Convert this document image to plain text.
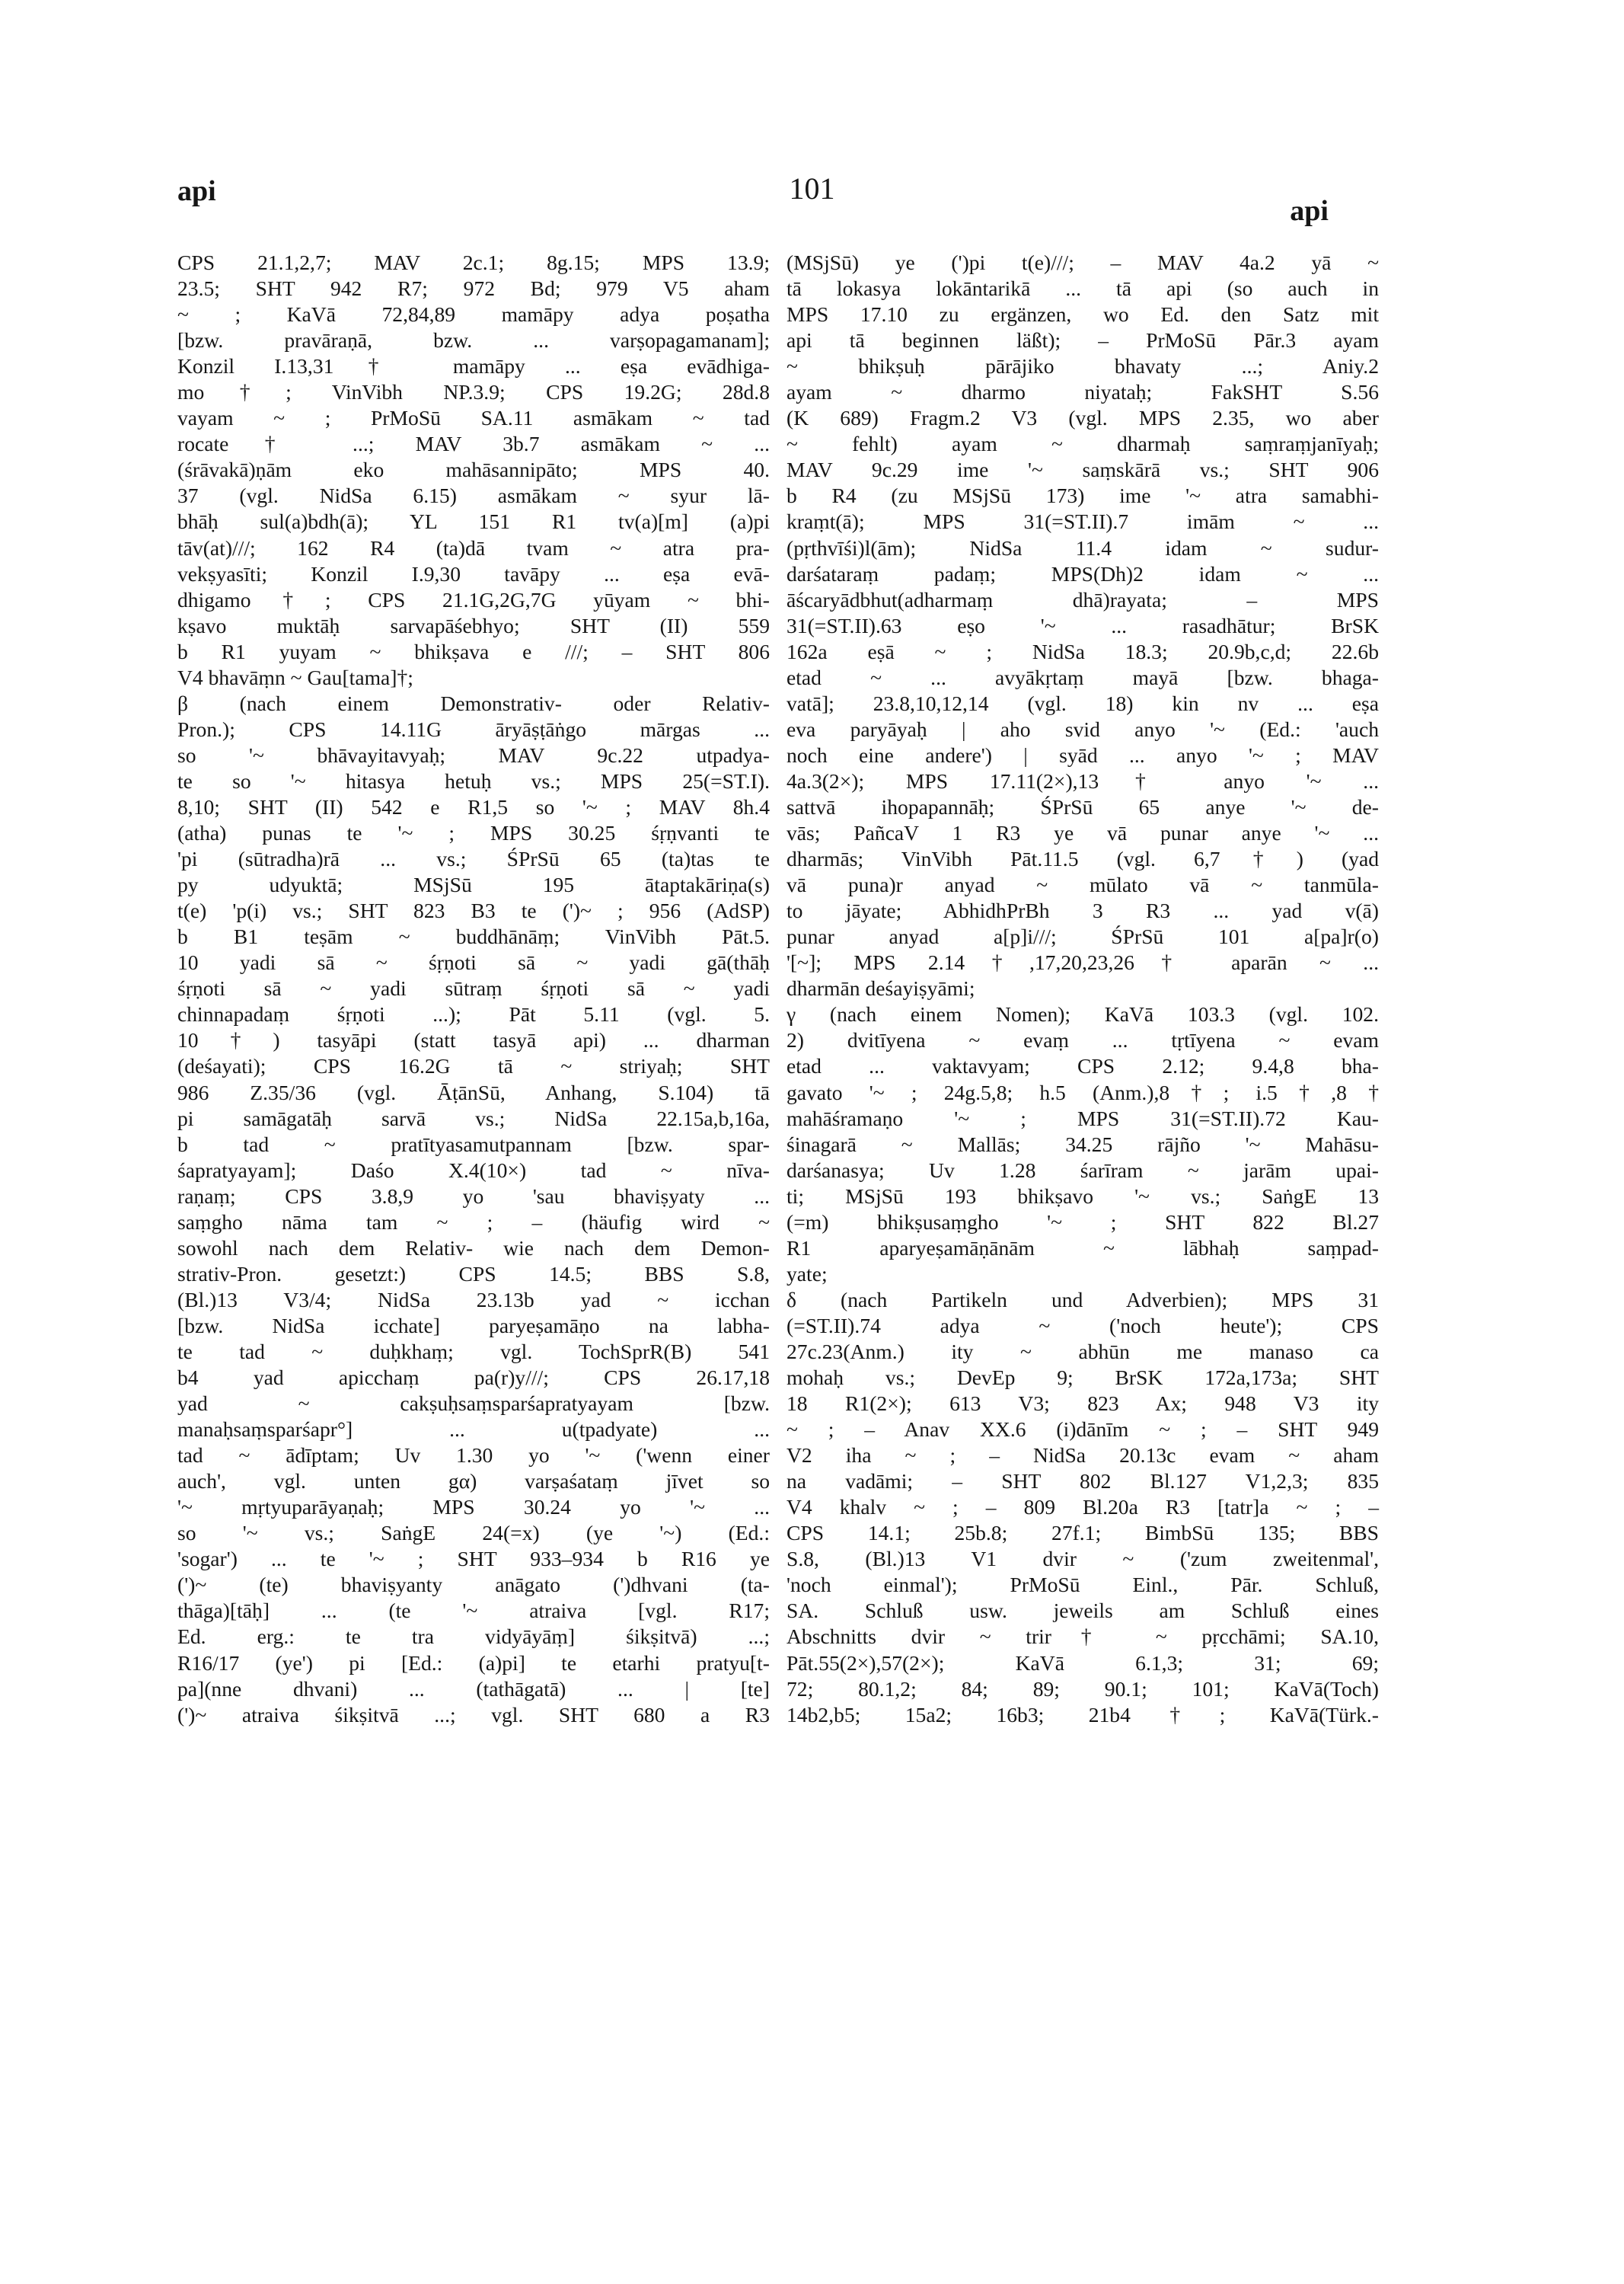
api	101
api

CPS 21.1,2,7; MAV 2c.1; 8g.15; MPS 13.9;

23.5; SHT 942 R7; 972 Bd; 979 V5 aham

~ ; KaVā 72,84,89 mamāpy adya poṣatha

[bzw. pravāraṇā, bzw. ... varṣopagamanam];

Konzil I.13,31† mamāpy ... eṣa evādhiga-

mo†; VinVibh NP.3.9; CPS 19.2G; 28d.8

vayam ~ ; PrMoSū SA.11 asmākam ~ tad

rocate† ...; MAV 3b.7 asmākam ~ ...

(śrāvakā)ṇām eko mahāsannipāto; MPS 40.

37 (vgl. NidSa 6.15) asmākam ~ syur lā-

bhāḥ sul(a)bdh(ā); YL 151 R1 tv(a)[m] (a)pi

tāv(at)///; 162 R4 (ta)dā tvam ~ atra pra-

vekṣyasīti; Konzil I.9,30 tavāpy ... eṣa evā-

dhigamo†; CPS 21.1G,2G,7G yūyam ~ bhi-

kṣavo muktāḥ sarvapāśebhyo; SHT (II) 559

b R1 yuyam ~ bhikṣava e ///; – SHT 806

V4 bhavāṃn ~ Gau[tama]†;

β (nach einem Demonstrativ- oder Relativ-

Pron.); CPS 14.11G āryāṣṭāṅgo mārgas ...

so '~ bhāvayitavyaḥ; MAV 9c.22 utpadya-

te so '~ hitasya hetuḥ vs.; MPS 25(=ST.I).

8,10; SHT (II) 542 e R1,5 so '~ ; MAV 8h.4

(atha) punas te '~ ; MPS 30.25 śṛṇvanti te

'pi (sūtradha)rā ... vs.; ŚPrSū 65 (ta)tas te

py udyuktā; MSjSū 195 ātaptakāriṇa(s)

t(e) 'p(i) vs.; SHT 823 B3 te (')~ ; 956 (AdSP)

b B1 teṣām ~ buddhānāṃ; VinVibh Pāt.5.

10 yadi sā ~ śṛṇoti sā ~ yadi gā(thāḥ

śṛṇoti sā ~ yadi sūtraṃ śṛṇoti sā ~ yadi

chinnapadaṃ śṛṇoti ...); Pāt 5.11 (vgl. 5.

10†) tasyāpi (statt tasyā api) ... dharman

(deśayati); CPS 16.2G tā ~ striyaḥ; SHT

986 Z.35/36 (vgl. ĀṭānSū, Anhang, S.104) tā

pi samāgatāḥ sarvā vs.; NidSa 22.15a,b,16a,

b tad ~ pratītyasamutpannam [bzw. spar-

śapratyayam]; Daśo X.4(10×) tad ~ nīva-

raṇaṃ; CPS 3.8,9 yo 'sau bhaviṣyaty ...

saṃgho nāma tam ~ ; – (häufig wird ~

sowohl nach dem Relativ- wie nach dem Demon-

strativ-Pron. gesetzt:) CPS 14.5; BBS S.8,

(Bl.)13 V3/4; NidSa 23.13b yad ~ icchan

[bzw. NidSa icchate] paryeṣamāṇo na labha-

te tad ~ duḥkhaṃ; vgl. TochSprR(B) 541

b4 yad apicchaṃ pa(r)y///; CPS 26.17,18

yad ~ cakṣuḥsaṃsparśapratyayam [bzw.

manaḥsaṃsparśapr°] ... u(tpadyate) ...

tad ~ ādīptam; Uv 1.30 yo '~ ('wenn einer

auch', vgl. unten gα) varṣaśataṃ jīvet so

'~ mṛtyuparāyaṇaḥ; MPS 30.24 yo '~ ...

so '~ vs.; SaṅgE 24(=x) (ye '~) (Ed.:

'sogar') ... te '~ ; SHT 933–934 b R16 ye

(')~ (te) bhaviṣyanty anāgato (')dhvani (ta-

thāga)[tāḥ] ... (te '~ atraiva [vgl. R17;

Ed. erg.: te tra vidyāyāṃ] śikṣitvā) ...;

R16/17 (ye') pi [Ed.: (a)pi] te etarhi pratyu[t-

pa](nne dhvani) ... (tathāgatā) ... | [te]

(')~ atraiva śikṣitvā ...; vgl. SHT 680 a R3

(MSjSū) ye (')pi t(e)///; – MAV 4a.2 yā ~

tā lokasya lokāntarikā ... tā api (so auch in

MPS 17.10 zu ergänzen, wo Ed. den Satz mit

api tā beginnen läßt); – PrMoSū Pār.3 ayam

~ bhikṣuḥ pārājiko bhavaty ...; Aniy.2

ayam ~ dharmo niyataḥ; FakSHT S.56

(K 689) Fragm.2 V3 (vgl. MPS 2.35, wo aber

~ fehlt) ayam ~ dharmaḥ saṃraṃjanīyaḥ;

MAV 9c.29 ime '~ saṃskārā vs.; SHT 906

b R4 (zu MSjSū 173) ime '~ atra samabhi-

kraṃt(ā); MPS 31(=ST.II).7 imām ~ ...

(pṛthvīśi)l(ām); NidSa 11.4 idam ~ sudur-

darśataraṃ padaṃ; MPS(Dh)2 idam ~ ...

āścaryādbhut(adharmaṃ dhā)rayata; – MPS

31(=ST.II).63 eṣo '~ ... rasadhātur; BrSK

162a eṣā ~ ; NidSa 18.3; 20.9b,c,d; 22.6b

etad ~ ... avyākṛtaṃ mayā [bzw. bhaga-

vatā]; 23.8,10,12,14 (vgl. 18) kin nv ... eṣa

eva paryāyaḥ | aho svid anyo '~ (Ed.: 'auch

noch eine andere') | syād ... anyo '~ ; MAV

4a.3(2×); MPS 17.11(2×),13† anyo '~ ...

sattvā ihopapannāḥ; ŚPrSū 65 anye '~ de-

vās; PañcaV 1 R3 ye vā punar anye '~ ...

dharmās; VinVibh Pāt.11.5 (vgl. 6,7†) (yad

vā puna)r anyad ~ mūlato vā ~ tanmūla-

to jāyate; AbhidhPrBh 3 R3 ... yad v(ā)

punar anyad a[p]i///; ŚPrSū 101 a[pa]r(o)

'[~]; MPS 2.14†,17,20,23,26† aparān ~ ...

dharmān deśayiṣyāmi;

γ (nach einem Nomen); KaVā 103.3 (vgl. 102.

2) dvitīyena ~ evaṃ ... tṛtīyena ~ evam

etad ... vaktavyam; CPS 2.12; 9.4,8 bha-

gavato '~ ; 24g.5,8; h.5 (Anm.),8†; i.5†,8†

mahāśramaṇo '~ ; MPS 31(=ST.II).72 Kau-

śinagarā ~ Mallās; 34.25 rājño '~ Mahāsu-

darśanasya; Uv 1.28 śarīram ~ jarām upai-

ti; MSjSū 193 bhikṣavo '~ vs.; SaṅgE 13

(=m) bhikṣusaṃgho '~ ; SHT 822 Bl.27

R1 aparyeṣamāṇānām ~ lābhaḥ saṃpad-

yate;

δ (nach Partikeln und Adverbien); MPS 31

(=ST.II).74 adya ~ ('noch heute'); CPS

27c.23(Anm.) ity ~ abhūn me manaso ca

mohaḥ vs.; DevEp 9; BrSK 172a,173a; SHT

18 R1(2×); 613 V3; 823 Ax; 948 V3 ity

~ ; – Anav XX.6 (i)dānīm ~ ; – SHT 949

V2 iha ~ ; – NidSa 20.13c evam ~ aham

na vadāmi; – SHT 802 Bl.127 V1,2,3; 835

V4 khalv ~ ; – 809 Bl.20a R3 [tatr]a ~ ; –

CPS 14.1; 25b.8; 27f.1; BimbSū 135; BBS

S.8, (Bl.)13 V1 dvir ~ ('zum zweitenmal',

'noch einmal'); PrMoSū Einl., Pār. Schluß,

SA. Schluß usw. jeweils am Schluß eines

Abschnitts dvir ~ trir† ~ pṛcchāmi; SA.10,

Pāt.55(2×),57(2×); KaVā 6.1,3; 31; 69;

72; 80.1,2; 84; 89; 90.1; 101; KaVā(Toch)

14b2,b5; 15a2; 16b3; 21b4†; KaVā(Türk.-
